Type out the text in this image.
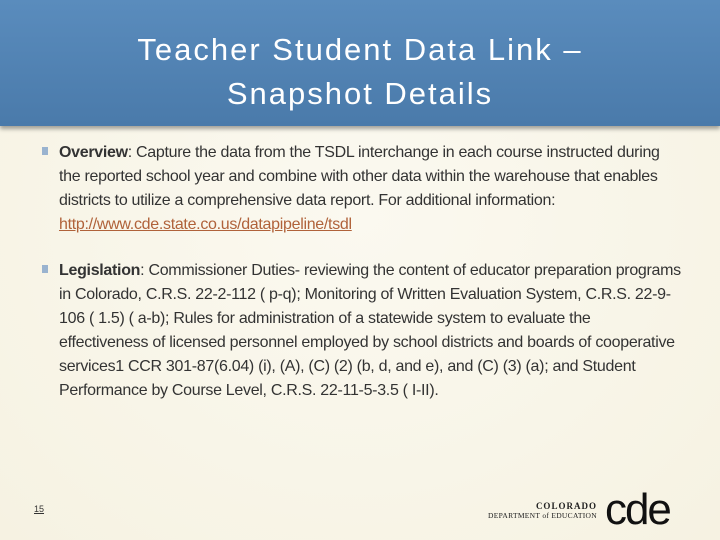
Teacher Student Data Link –
Snapshot Details
Overview: Capture the data from the TSDL interchange in each course instructed during the reported school year and combine with other data within the warehouse that enables districts to utilize a comprehensive data report. For additional information:
http://www.cde.state.co.us/datapipeline/tsdl
Legislation: Commissioner Duties- reviewing the content of educator preparation programs in Colorado, C.R.S. 22-2-112 ( p-q); Monitoring of Written Evaluation System, C.R.S. 22-9-106 ( 1.5) ( a-b); Rules for administration of a statewide system to evaluate the effectiveness of licensed personnel employed by school districts and boards of cooperative services1 CCR 301-87(6.04) (i), (A), (C) (2) (b, d, and e), and (C) (3) (a); and Student Performance by Course Level, C.R.S. 22-11-5-3.5 ( I-II).
15	COLORADO
DEPARTMENT of EDUCATION cde
